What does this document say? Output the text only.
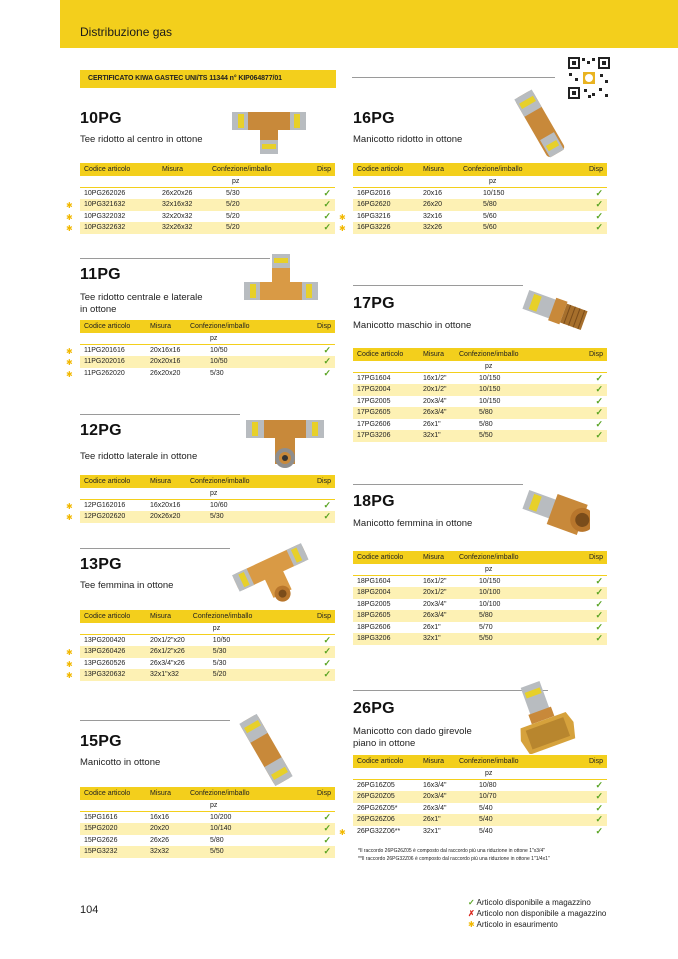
Distribuzione gas
CERTIFICATO KIWA GASTEC UNI/TS 11344 n° KIP064877/01
10PG
Tee ridotto al centro in ottone
Codice articolo	Misura	Confezione/imballo	Disp
		pz	

10PG262026	26x20x26	5/30	✓

✱ 10PG321632	32x16x32	5/20	✓

✱ 10PG322032	32x20x32	5/20	✓

✱ 10PG322632	32x26x32	5/20	✓
11PG
Tee ridotto centrale e laterale
in ottone
Codice articolo	Misura	Confezione/imballo	Disp
		pz	

✱ 11PG201616	20x16x16	10/50	✓

✱ 11PG202016	20x20x16	10/50	✓

✱ 11PG262020	26x20x20	5/30	✓
12PG
Tee ridotto laterale in ottone
Codice articolo	Misura	Confezione/imballo	Disp
		pz	

✱ 12PG162016	16x20x16	10/60	✓

✱ 12PG202620	20x26x20	5/30	✓
13PG
Tee femmina in ottone
Codice articolo	Misura	Confezione/imballo	Disp
		pz	

13PG200420	20x1/2"x20	10/50	✓

✱ 13PG260426	26x1/2"x26	5/30	✓

✱ 13PG260526	26x3/4"x26	5/30	✓

✱ 13PG320632	32x1"x32	5/20	✓
15PG
Manicotto in ottone
Codice articolo	Misura	Confezione/imballo	Disp
		pz	
15PG1616	16x16	10/200	✓
15PG2020	20x20	10/140	✓
15PG2626	26x26	5/80	✓
15PG3232	32x32	5/50	✓
16PG
Manicotto ridotto in ottone
Codice articolo	Misura	Confezione/imballo	Disp
		pz	

16PG2016	20x16	10/150	✓

16PG2620	26x20	5/80	✓

✱ 16PG3216	32x16	5/60	✓

✱ 16PG3226	32x26	5/60	✓
17PG
Manicotto maschio in ottone
Codice articolo	Misura	Confezione/imballo	Disp
		pz	
17PG1604	16x1/2"	10/150	✓
17PG2004	20x1/2"	10/150	✓
17PG2005	20x3/4"	10/150	✓
17PG2605	26x3/4"	5/80	✓
17PG2606	26x1"	5/80	✓
17PG3206	32x1"	5/50	✓
18PG
Manicotto femmina in ottone
Codice articolo	Misura	Confezione/imballo	Disp
		pz	
18PG1604	16x1/2"	10/150	✓
18PG2004	20x1/2"	10/100	✓
18PG2005	20x3/4"	10/100	✓
18PG2605	26x3/4"	5/80	✓
18PG2606	26x1"	5/70	✓
18PG3206	32x1"	5/50	✓
26PG
Manicotto con dado girevole
piano in ottone
Codice articolo	Misura	Confezione/imballo	Disp
		pz	

26PG16Z05	16x3/4"	10/80	✓

26PG20Z05	20x3/4"	10/70	✓

26PG26Z05*	26x3/4"	5/40	✓

26PG26Z06	26x1"	5/40	✓

✱ 26PG32Z06**	32x1"	5/40	✓
*Il raccordo 26PG26Z05 è composto dal raccordo più una riduzione in ottone 1"x3/4"
**Il raccordo 26PG32Z06 è composto dal raccordo più una riduzione in ottone 1"1/4x1"
104
✓ Articolo disponibile a magazzino
✗ Articolo non disponibile a magazzino
✱ Articolo in esaurimento
